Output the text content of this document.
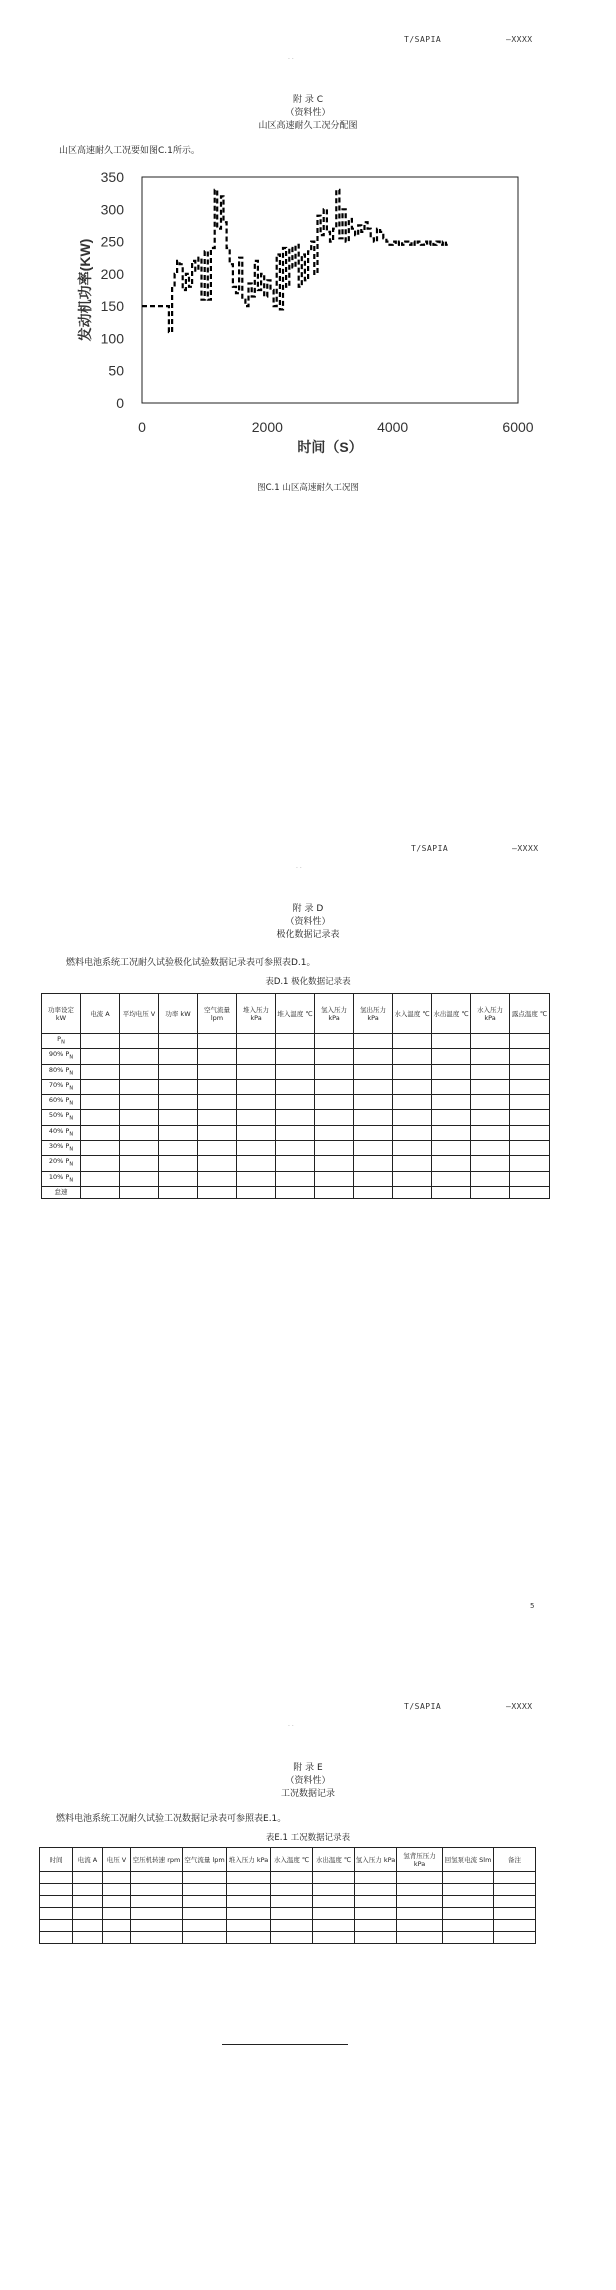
T/SAPIA	—XXXX
· ·
附 录 C
（资料性）
山区高速耐久工况分配图
山区高速耐久工况要如图C.1所示。
0
50
100
150
200
250
300
350
0	2000	4000	6000
发动机功率(KW)
时间（S）
图C.1 山区高速耐久工况图
T/SAPIA	—XXXX
· ·
附 录 D
（资料性）
极化数据记录表
燃料电池系统工况耐久试验极化试验数据记录表可参照表D.1。
表D.1 极化数据记录表
功率设定 kW	电流 A	平均电压 V	功率 kW	空气流量 lpm	堆入压力 kPa	堆入温度 ℃	氢入压力 kPa	氢出压力 kPa	水入温度 ℃	水出温度 ℃	水入压力 kPa	露点温度 ℃
$P_N$												
90% $P_N$												
80% $P_N$												
70% $P_N$												
60% $P_N$												
50% $P_N$												
40% $P_N$												
30% $P_N$												
20% $P_N$												
10% $P_N$												
怠速												
5
T/SAPIA	—XXXX
· ·
附 录 E
（资料性）
工况数据记录
燃料电池系统工况耐久试验工况数据记录表可参照表E.1。
表E.1 工况数据记录表
时间	电流 A	电压 V	空压机转速 rpm	空气流量 lpm	堆入压力 kPa	水入温度 ℃	水出温度 ℃	氢入压力 kPa	氢背压压力 kPa	回氢泵电流 Slm	备注
